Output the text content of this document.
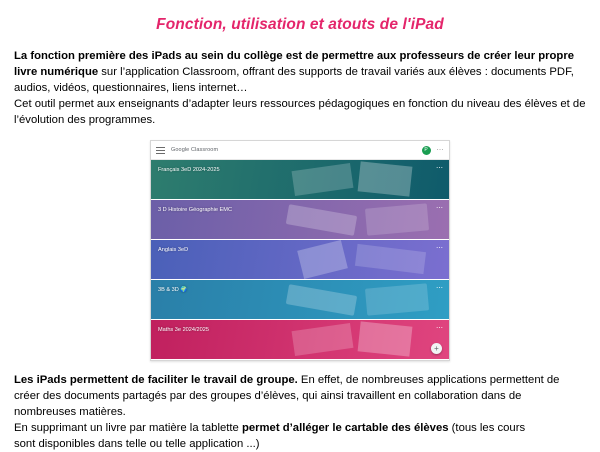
Fonction, utilisation et atouts de l'iPad

La fonction première des iPads au sein du collège est de permettre aux professeurs de créer leur propre livre numérique sur l’application Classroom, offrant des supports de travail variés aux élèves : documents PDF, audios, vidéos, questionnaires, liens internet…
Cet outil permet aux enseignants d’adapter leurs ressources pédagogiques en fonction du niveau des élèves et de l’évolution des programmes.

Google Classroom	P	⋯
Français 3eD 2024-2025	⋯
3 D Histoire Géographie EMC	⋯
Anglais 3eD	⋯
3B & 3D 🌍	⋯
Maths 3e 2024/2025	⋯
+

Les iPads permettent de faciliter le travail de groupe. En effet, de nombreuses applications permettent de créer des documents partagés par des groupes d’élèves, qui ainsi travaillent en collaboration dans de nombreuses matières.
En supprimant un livre par matière la tablette permet d’alléger le cartable des élèves (tous les cours
sont disponibles dans telle ou telle application ...)
